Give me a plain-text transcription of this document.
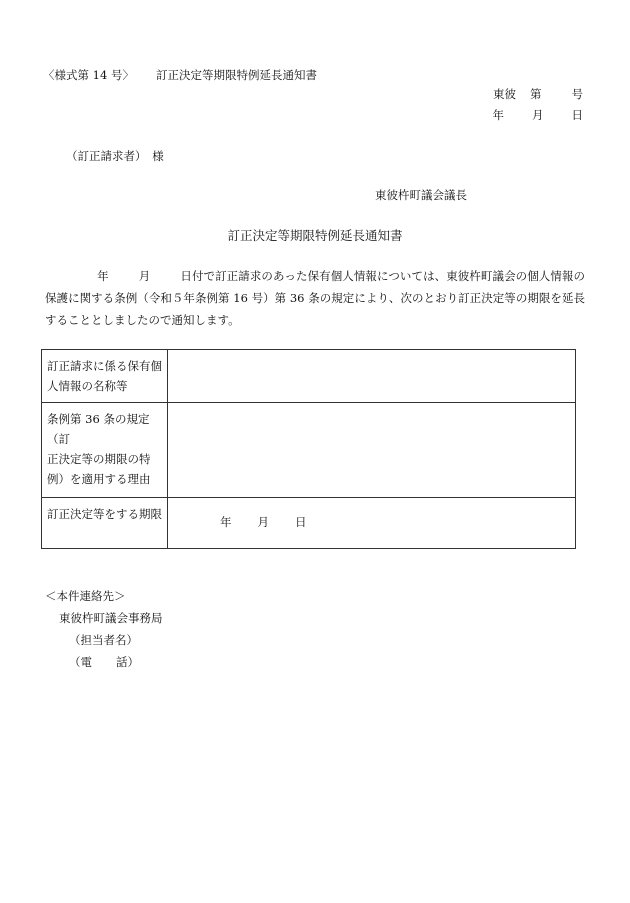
〈様式第 14 号〉 訂正決定等期限特例延長通知書
東彼 第	号
年 月 日
（訂正請求者）　様
東彼杵町議会議長
訂正決定等期限特例延長通知書

年	月	日付で訂正請求のあった保有個人情報については、東彼杵町議会の個人情報の保護に関する条例（令和５年条例第 16 号）第 36 条の規定により、次のとおり訂正決定等の期限を延長することとしましたので通知します。

訂正請求に係る保有個人情報の名称等	

条例第 36 条の規定（訂
正決定等の期限の特例）を適用する理由	

訂正決定等をする期限	年 月 日
＜本件連絡先＞
東彼杵町議会事務局
（担当者名）
（電 話）
